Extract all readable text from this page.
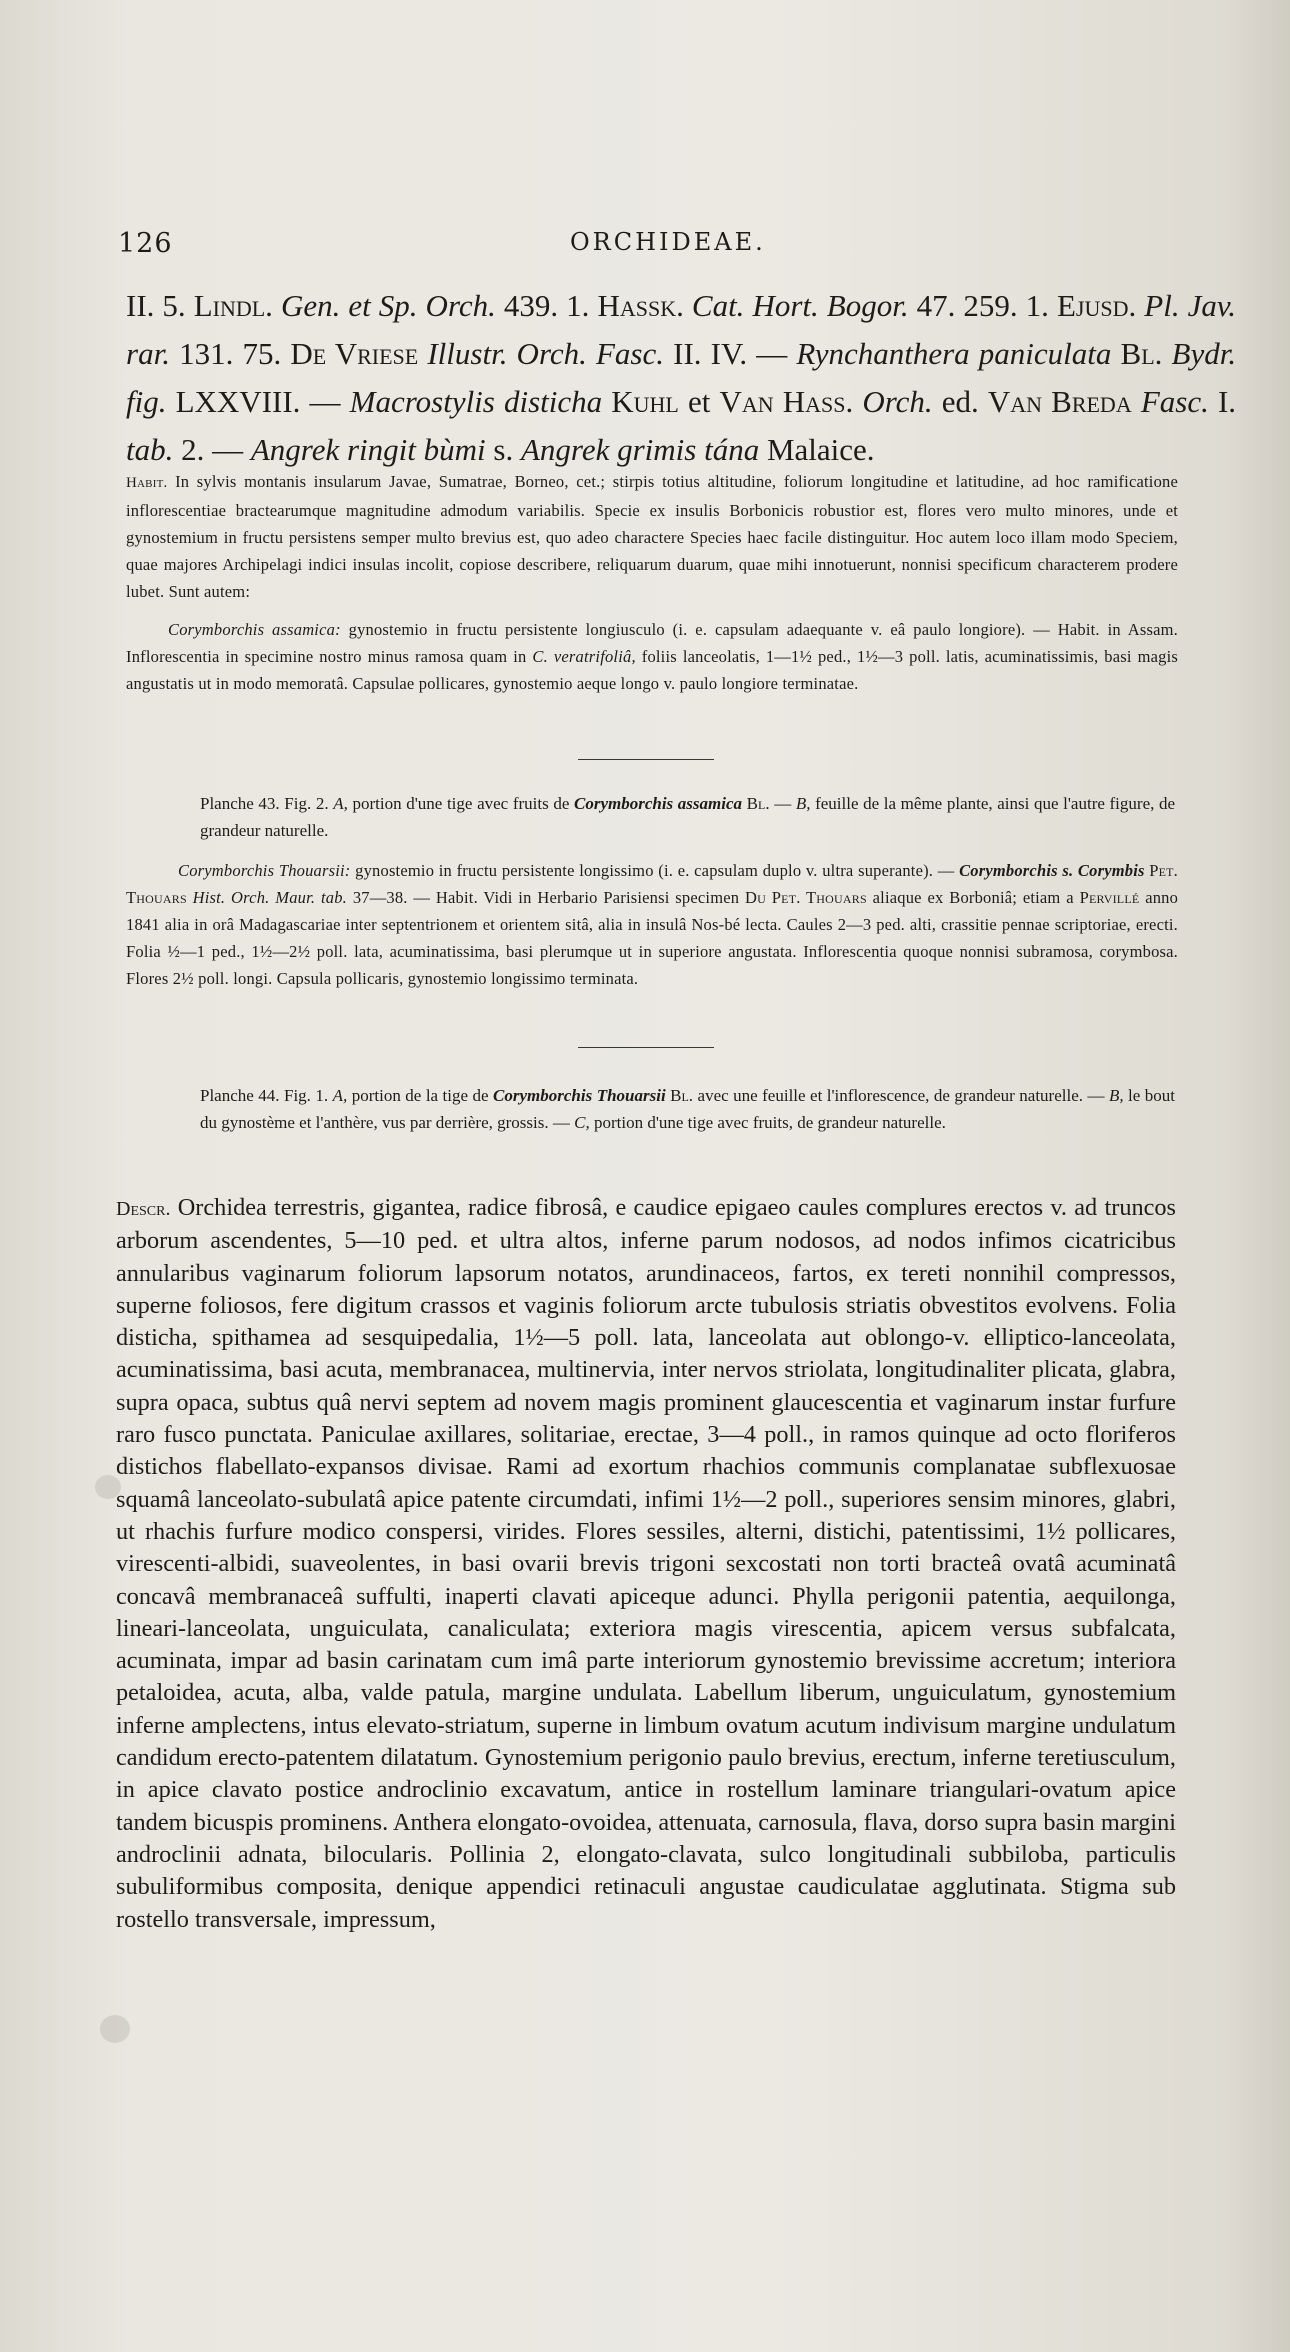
126	ORCHIDEAE.
II. 5. Lindl. Gen. et Sp. Orch. 439. 1. Hassk. Cat. Hort. Bogor. 47. 259. 1. Ejusd. Pl. Jav. rar. 131. 75. De Vriese Illustr. Orch. Fasc. II. IV. — Rynchanthera paniculata Bl. Bydr. fig. LXXVIII. — Macrostylis disticha Kuhl et Van Hass. Orch. ed. Van Breda Fasc. I. tab. 2. — Angrek ringit bùmi s. Angrek grimis tána Malaice.
Habit. In sylvis montanis insularum Javae, Sumatrae, Borneo, cet.; stirpis totius altitudine, foliorum longitudine et latitudine, ad hoc ramificatione inflorescentiae bractearumque magnitudine admodum variabilis. Specie ex insulis Borbonicis robustior est, flores vero multo minores, unde et gynostemium in fructu persistens semper multo brevius est, quo adeo charactere Species haec facile distinguitur. Hoc autem loco illam modo Speciem, quae majores Archipelagi indici insulas incolit, copiose describere, reliquarum duarum, quae mihi innotuerunt, nonnisi specificum characterem prodere lubet. Sunt autem:
Corymborchis assamica: gynostemio in fructu persistente longiusculo (i. e. capsulam adaequante v. eâ paulo longiore). — Habit. in Assam. Inflorescentia in specimine nostro minus ramosa quam in C. veratrifoliâ, foliis lanceolatis, 1—1½ ped., 1½—3 poll. latis, acuminatissimis, basi magis angustatis ut in modo memoratâ. Capsulae pollicares, gynostemio aeque longo v. paulo longiore terminatae.
Planche 43. Fig. 2. A, portion d'une tige avec fruits de Corymborchis assamica Bl. — B, feuille de la même plante, ainsi que l'autre figure, de grandeur naturelle.
Corymborchis Thouarsii: gynostemio in fructu persistente longissimo (i. e. capsulam duplo v. ultra superante). — Corymborchis s. Corymbis Pet. Thouars Hist. Orch. Maur. tab. 37—38. — Habit. Vidi in Herbario Parisiensi specimen Du Pet. Thouars aliaque ex Borboniâ; etiam a Pervillé anno 1841 alia in orâ Madagascariae inter septentrionem et orientem sitâ, alia in insulâ Nos-bé lecta. Caules 2—3 ped. alti, crassitie pennae scriptoriae, erecti. Folia ½—1 ped., 1½—2½ poll. lata, acuminatissima, basi plerumque ut in superiore angustata. Inflorescentia quoque nonnisi subramosa, corymbosa. Flores 2½ poll. longi. Capsula pollicaris, gynostemio longissimo terminata.
Planche 44. Fig. 1. A, portion de la tige de Corymborchis Thouarsii Bl. avec une feuille et l'inflorescence, de grandeur naturelle. — B, le bout du gynostème et l'anthère, vus par derrière, grossis. — C, portion d'une tige avec fruits, de grandeur naturelle.
Descr. Orchidea terrestris, gigantea, radice fibrosâ, e caudice epigaeo caules complures erectos v. ad truncos arborum ascendentes, 5—10 ped. et ultra altos, inferne parum nodosos, ad nodos infimos cicatricibus annularibus vaginarum foliorum lapsorum notatos, arundinaceos, fartos, ex tereti nonnihil compressos, superne foliosos, fere digitum crassos et vaginis foliorum arcte tubulosis striatis obvestitos evolvens. Folia disticha, spithamea ad sesquipedalia, 1½—5 poll. lata, lanceolata aut oblongo-v. elliptico-lanceolata, acuminatissima, basi acuta, membranacea, multinervia, inter nervos striolata, longitudinaliter plicata, glabra, supra opaca, subtus quâ nervi septem ad novem magis prominent glaucescentia et vaginarum instar furfure raro fusco punctata. Paniculae axillares, solitariae, erectae, 3—4 poll., in ramos quinque ad octo floriferos distichos flabellato-expansos divisae. Rami ad exortum rhachios communis complanatae subflexuosae squamâ lanceolato-subulatâ apice patente circumdati, infimi 1½—2 poll., superiores sensim minores, glabri, ut rhachis furfure modico conspersi, virides. Flores sessiles, alterni, distichi, patentissimi, 1½ pollicares, virescenti-albidi, suaveolentes, in basi ovarii brevis trigoni sexcostati non torti bracteâ ovatâ acuminatâ concavâ membranaceâ suffulti, inaperti clavati apiceque adunci. Phylla perigonii patentia, aequilonga, lineari-lanceolata, unguiculata, canaliculata; exteriora magis virescentia, apicem versus subfalcata, acuminata, impar ad basin carinatam cum imâ parte interiorum gynostemio brevissime accretum; interiora petaloidea, acuta, alba, valde patula, margine undulata. Labellum liberum, unguiculatum, gynostemium inferne amplectens, intus elevato-striatum, superne in limbum ovatum acutum indivisum margine undulatum candidum erecto-patentem dilatatum. Gynostemium perigonio paulo brevius, erectum, inferne teretiusculum, in apice clavato postice androclinio excavatum, antice in rostellum laminare triangulari-ovatum apice tandem bicuspis prominens. Anthera elongato-ovoidea, attenuata, carnosula, flava, dorso supra basin margini androclinii adnata, bilocularis. Pollinia 2, elongato-clavata, sulco longitudinali subbiloba, particulis subuliformibus composita, denique appendici retinaculi angustae caudiculatae agglutinata. Stigma sub rostello transversale, impressum,
